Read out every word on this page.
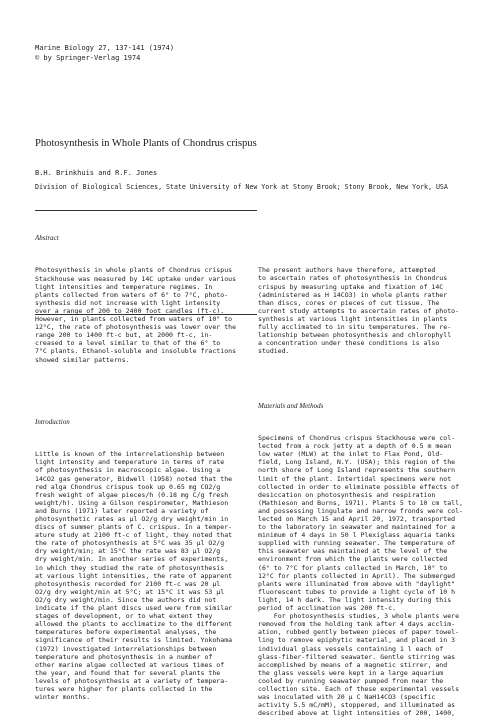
Marine Biology 27, 137-141 (1974)
© by Springer-Verlag 1974
Photosynthesis in Whole Plants of Chondrus crispus
B.H. Brinkhuis and R.F. Jones
Division of Biological Sciences, State University of New York at Stony Brook; Stony Brook, New York, USA

Abstract

Photosynthesis in whole plants of Chondrus crispus
Stackhouse was measured by 14C uptake under various
light intensities and temperature regimes. In
plants collected from waters of 6° to 7°C, photo-
synthesis did not increase with light intensity
over a range of 200 to 2400 foot candles (ft-c).
However, in plants collected from waters of 10° to
12°C, the rate of photosynthesis was lower over the
range 200 to 1400 ft-c but, at 2000 ft-c, in-
creased to a level similar to that of the 6° to
7°C plants. Ethanol-soluble and insoluble fractions
showed similar patterns.

Introduction

Little is known of the interrelationship between
light intensity and temperature in terms of rate
of photosynthesis in macroscopic algae. Using a
14CO2 gas generator, Bidwell (1958) noted that the
red alga Chondrus crispus took up 0.65 mg CO2/g
fresh weight of algae pieces/h (0.18 mg C/g fresh
weight/h). Using a Gilson respirometer, Mathieson
and Burns (1971) later reported a variety of
photosynthetic rates as µl O2/g dry weight/min in
discs of summer plants of C. crispus. In a temper-
ature study at 2100 ft-c of light, they noted that
the rate of photosynthesis at 5°C was 35 µl O2/g
dry weight/min; at 15°C the rate was 83 µl O2/g
dry weight/min. In another series of experiments,
in which they studied the rate of photosynthesis
at various light intensities, the rate of apparent
photosynthesis recorded for 2100 ft-c was 20 µl
O2/g dry weight/min at 5°C; at 15°C it was 53 µl
O2/g dry weight/min. Since the authors did not
indicate if the plant discs used were from similar
stages of development, or to what extent they
allowed the plants to acclimatize to the different
temperatures before experimental analyses, the
significance of their results is limited. Yokohama
(1972) investigated interrelationships between
temperature and photosynthesis in a number of
other marine algae collected at various times of
the year, and found that for several plants the
levels of photosynthesis at a variety of tempera-
tures were higher for plants collected in the
winter months.

The present authors have therefore, attempted
to ascertain rates of photosynthesis in Chondrus
crispus by measuring uptake and fixation of 14C
(administered as H 14CO3) in whole plants rather
than discs, cores or pieces of cut tissue. The
current study attempts to ascertain rates of photo-
synthesis at various light intensities in plants
fully acclimated to in situ temperatures. The re-
lationship between photosynthesis and chlorophyll
a concentration under these conditions is also
studied.

Materials and Methods

Specimens of Chondrus crispus Stackhouse were col-
lected from a rock jetty at a depth of 0.5 m mean
low water (MLW) at the inlet to Flax Pond, Old-
field, Long Island, N.Y. (USA); this region of the
north shore of Long Island represents the southern
limit of the plant. Intertidal specimens were not
collected in order to eliminate possible effects of
desiccation on photosynthesis and respiration
(Mathieson and Burns, 1971). Plants 5 to 10 cm tall,
and possessing lingulate and narrow fronds were col-
lected on March 15 and April 20, 1972, transported
to the laboratory in seawater and maintained for a
minimum of 4 days in 50 l Plexiglass aquaria tanks
supplied with running seawater. The temperature of
this seawater was maintained at the level of the
environment from which the plants were collected
(6° to 7°C for plants collected in March, 10° to
12°C for plants collected in April). The submerged
plants were illuminated from above with "daylight"
fluorescent tubes to provide a light cycle of 10 h
light, 14 h dark. The light intensity during this
period of acclimation was 200 ft-c.
For photosynthesis studies, 3 whole plants were
removed from the holding tank after 4 days acclim-
ation, rubbed gently between pieces of paper towel-
ling to remove epiphytic material, and placed in 3
individual glass vessels containing 1 l each of
glass-fiber-filtered seawater. Gentle stirring was
accomplished by means of a magnetic stirrer, and
the glass vessels were kept in a large aquarium
cooled by running seawater pumped from near the
collection site. Each of these experimental vessels
was inoculated with 20 µ C NaH14CO3 (specific
activity 5.5 mC/mM), stoppered, and illuminated as
described above at light intensities of 200, 1400,
